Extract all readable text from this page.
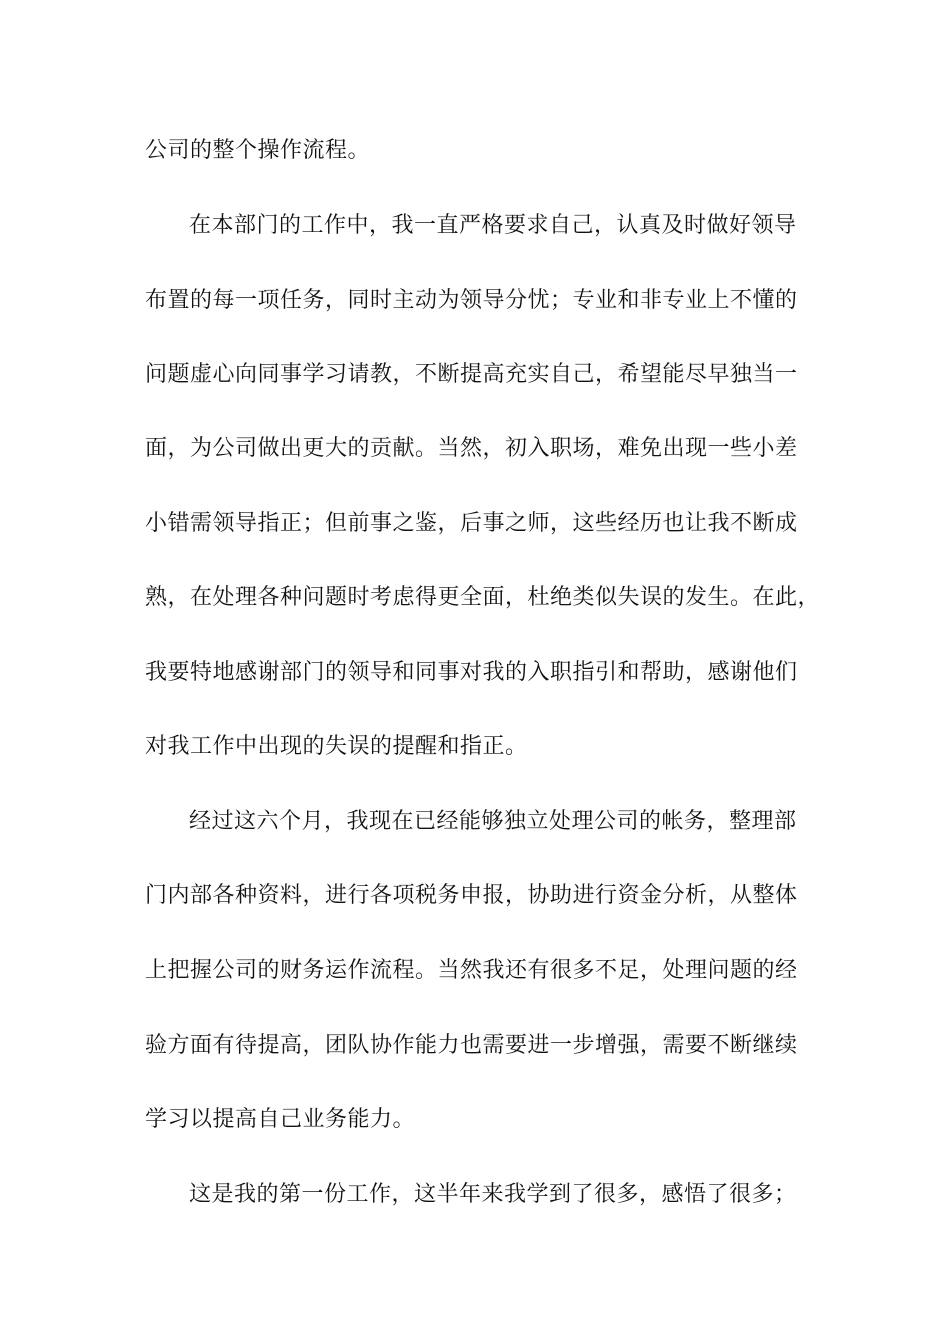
公司的整个操作流程。

在本部门的工作中，我一直严格要求自己，认真及时做好领导

布置的每一项任务，同时主动为领导分忧；专业和非专业上不懂的

问题虚心向同事学习请教，不断提高充实自己，希望能尽早独当一

面，为公司做出更大的贡献。当然，初入职场，难免出现一些小差

小错需领导指正；但前事之鉴，后事之师，这些经历也让我不断成

熟，在处理各种问题时考虑得更全面，杜绝类似失误的发生。在此，

我要特地感谢部门的领导和同事对我的入职指引和帮助，感谢他们

对我工作中出现的失误的提醒和指正。

经过这六个月，我现在已经能够独立处理公司的帐务，整理部

门内部各种资料，进行各项税务申报，协助进行资金分析，从整体

上把握公司的财务运作流程。当然我还有很多不足，处理问题的经

验方面有待提高，团队协作能力也需要进一步增强，需要不断继续

学习以提高自己业务能力。

这是我的第一份工作，这半年来我学到了很多，感悟了很多；
